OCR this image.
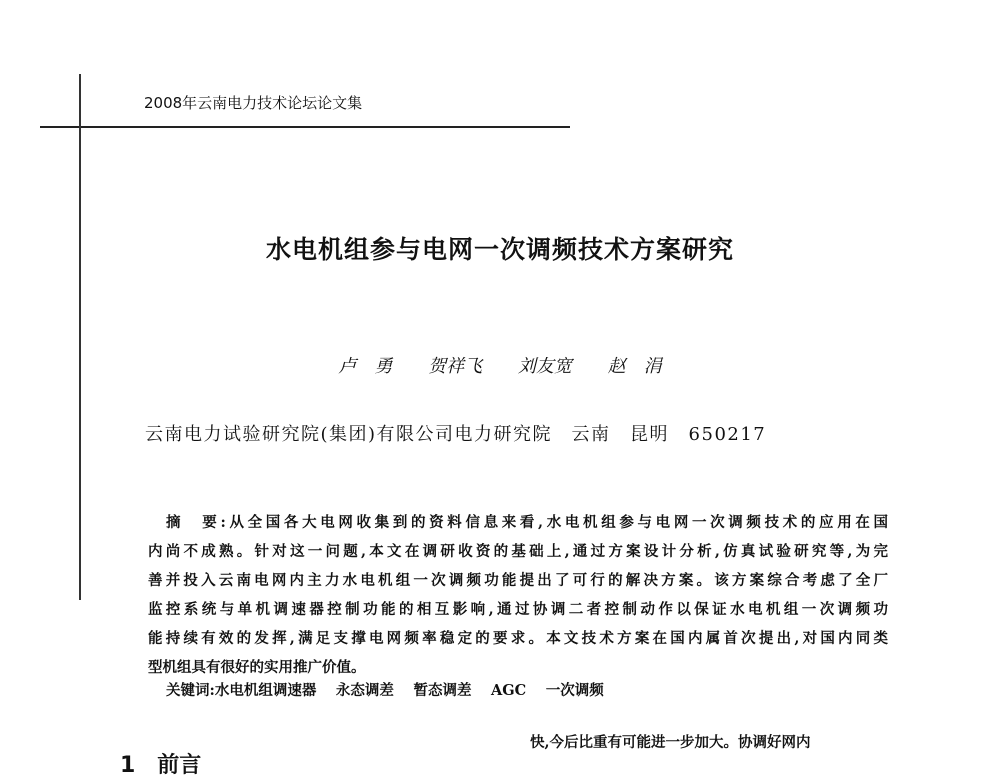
2008年云南电力技术论坛论文集
水电机组参与电网一次调频技术方案研究
卢　勇 贺祥飞 刘友宽 赵　涓
云南电力试验研究院(集团)有限公司电力研究院　云南　昆明　650217
摘　要:从全国各大电网收集到的资料信息来看,水电机组参与电网一次调频技术的应用在国
内尚不成熟。针对这一问题,本文在调研收资的基础上,通过方案设计分析,仿真试验研究等,为完
善并投入云南电网内主力水电机组一次调频功能提出了可行的解决方案。该方案综合考虑了全厂
监控系统与单机调速器控制功能的相互影响,通过协调二者控制动作以保证水电机组一次调频功
能持续有效的发挥,满足支撑电网频率稳定的要求。本文技术方案在国内属首次提出,对国内同类
型机组具有很好的实用推广价值。
关键词:水电机组调速器　 永态调差　 暂态调差　 AGC　 一次调频
1　前言
快,今后比重有可能进一步加大。协调好网内
